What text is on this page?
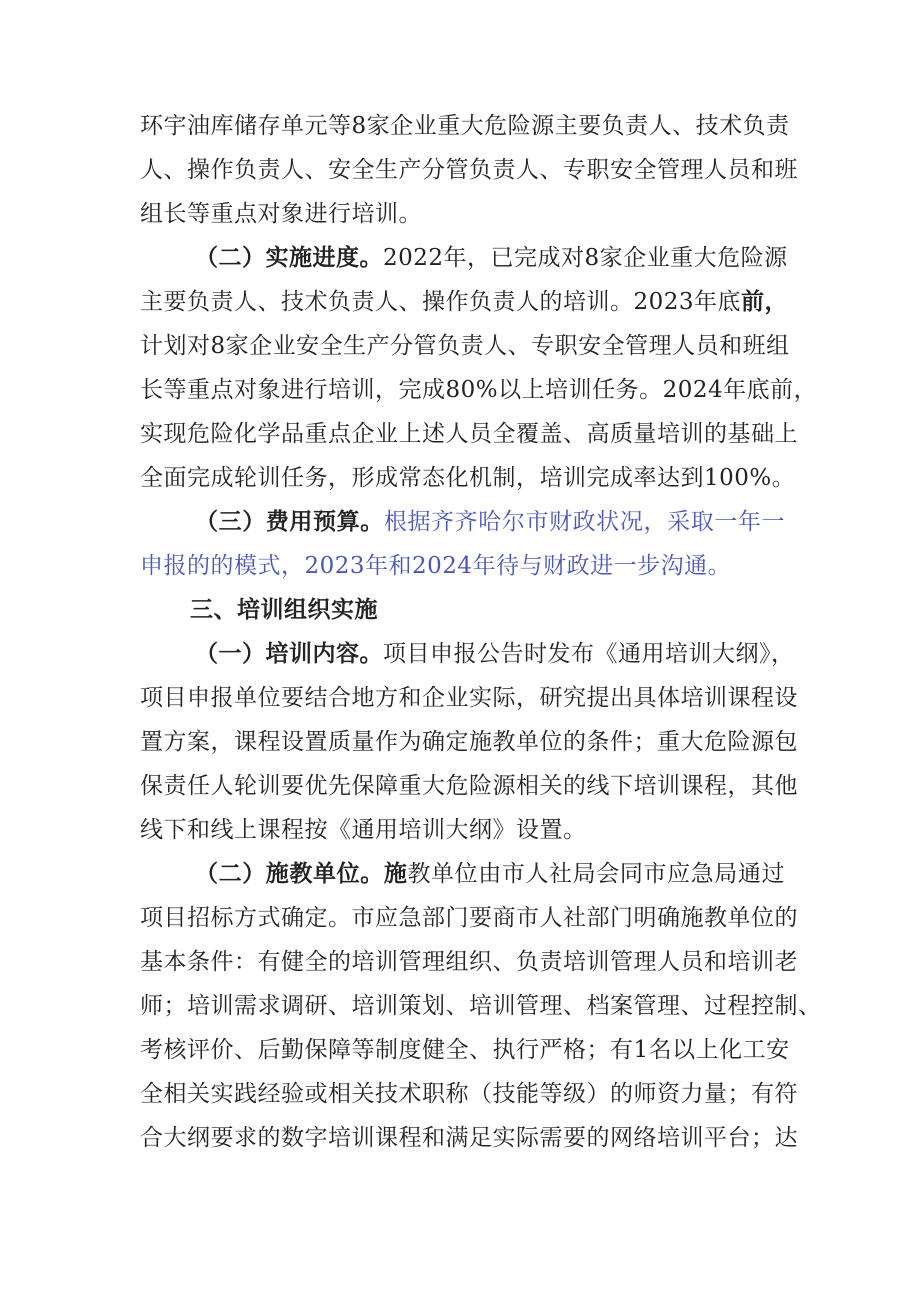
环宇油库储存单元等8家企业重大危险源主要负责人、技术负责
人、操作负责人、安全生产分管负责人、专职安全管理人员和班
组长等重点对象进行培训。
（二）实施进度。2022年，已完成对8家企业重大危险源
主要负责人、技术负责人、操作负责人的培训。2023年底前，
计划对8家企业安全生产分管负责人、专职安全管理人员和班组
长等重点对象进行培训，完成80%以上培训任务。2024年底前，
实现危险化学品重点企业上述人员全覆盖、高质量培训的基础上
全面完成轮训任务，形成常态化机制，培训完成率达到100%。
（三）费用预算。根据齐齐哈尔市财政状况，采取一年一
申报的的模式，2023年和2024年待与财政进一步沟通。
三、培训组织实施
（一）培训内容。项目申报公告时发布《通用培训大纲》，
项目申报单位要结合地方和企业实际，研究提出具体培训课程设
置方案，课程设置质量作为确定施教单位的条件；重大危险源包
保责任人轮训要优先保障重大危险源相关的线下培训课程，其他
线下和线上课程按《通用培训大纲》设置。
（二）施教单位。施教单位由市人社局会同市应急局通过
项目招标方式确定。市应急部门要商市人社部门明确施教单位的
基本条件：有健全的培训管理组织、负责培训管理人员和培训老
师；培训需求调研、培训策划、培训管理、档案管理、过程控制、
考核评价、后勤保障等制度健全、执行严格；有1名以上化工安
全相关实践经验或相关技术职称（技能等级）的师资力量；有符
合大纲要求的数字培训课程和满足实际需要的网络培训平台；达
